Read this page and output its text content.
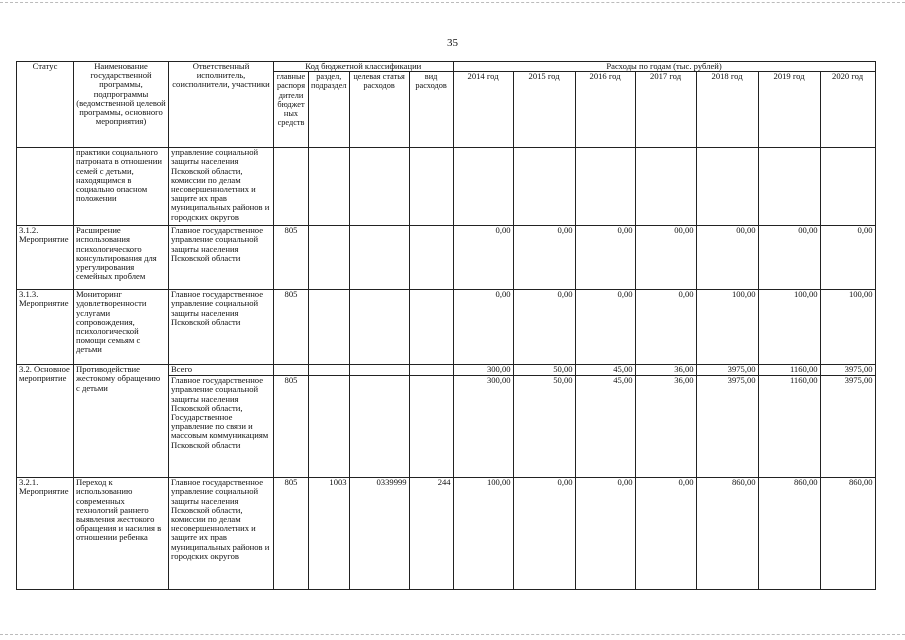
35
Статус	Наименование государственной программы, подпрограммы (ведомственной целевой программы, основного мероприятия)	Ответственный исполнитель, соисполнители, участники	Код бюджетной классификации				Расходы по годам (тыс. рублей)						
			главные распоря дители бюджет ных средств	раздел, подраздел	целевая статья расходов	вид расходов	2014 год	2015 год	2016 год	2017 год	2018 год	2019 год	2020 год
	практики социального патроната в отношении семей с детьми, находящимся в социально опасном положении	управление социальной защиты населения Псковской области, комиссии по делам несовершеннолетних и защите их прав муниципальных районов и городских округов											
3.1.2. Мероприятие	Расширение использования психологического консультирования для урегулирования семейных проблем	Главное государственное управление социальной защиты населения Псковской области	805				0,00	0,00	0,00	00,00	00,00	00,00	0,00
3.1.3. Мероприятие	Мониторинг удовлетворенности услугами сопровождения, психологической помощи семьям с детьми	Главное государственное управление социальной защиты населения Псковской области	805				0,00	0,00	0,00	0,00	100,00	100,00	100,00
3.2. Основное мероприятие	Противодействие жестокому обращению с детьми	Всего					300,00	50,00	45,00	36,00	3975,00	1160,00	3975,00
		Главное государственное управление социальной защиты населения Псковской области, Государственное управление по связи и массовым коммуникациям Псковской области	805				300,00	50,00	45,00	36,00	3975,00	1160,00	3975,00
3.2.1. Мероприятие	Переход к использованию современных технологий раннего выявления жестокого обращения и насилия в отношении ребенка	Главное государственное управление социальной защиты населения Псковской области, комиссии по делам несовершеннолетних и защите их прав муниципальных районов и городских округов	805	1003	0339999	244	100,00	0,00	0,00	0,00	860,00	860,00	860,00
